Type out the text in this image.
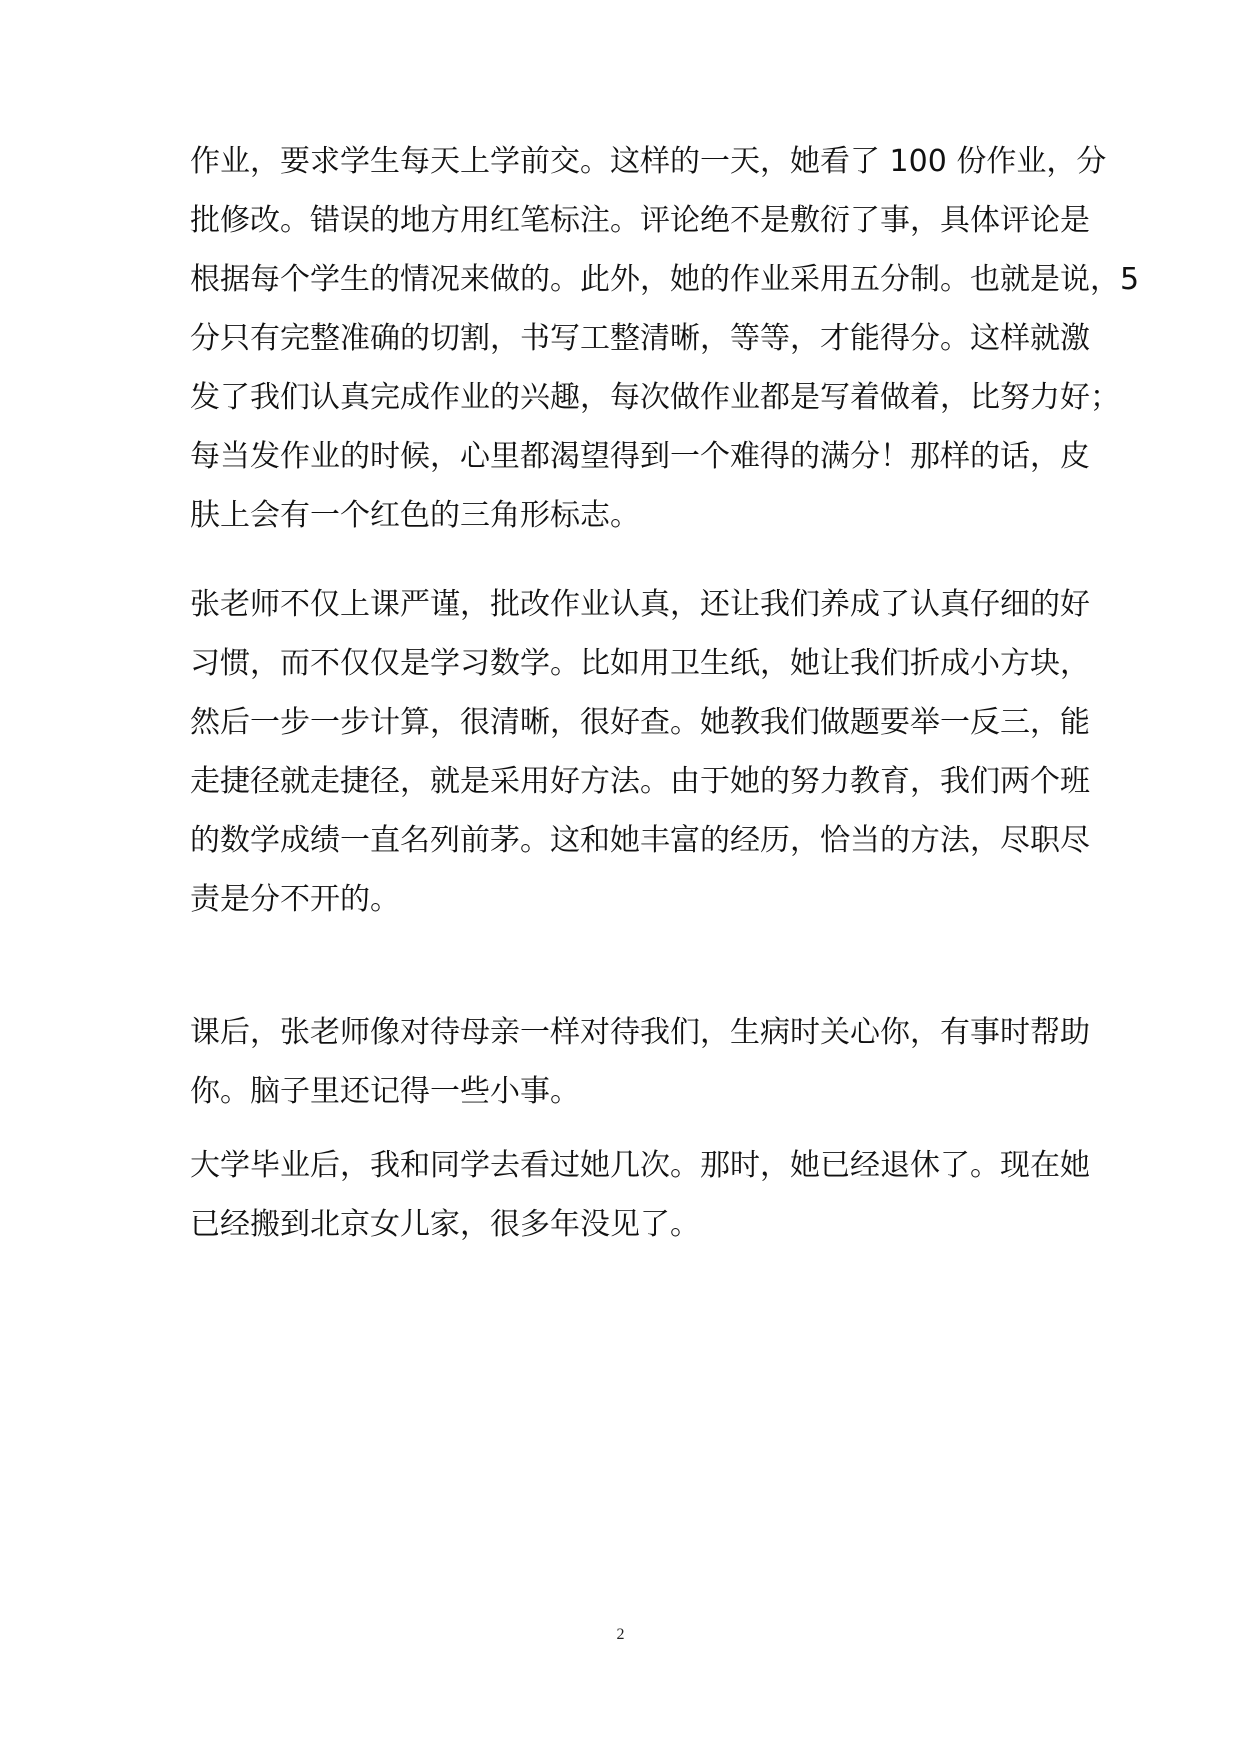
作业，要求学生每天上学前交。这样的一天，她看了 100 份作业，分
批修改。错误的地方用红笔标注。评论绝不是敷衍了事，具体评论是
根据每个学生的情况来做的。此外，她的作业采用五分制。也就是说，5
分只有完整准确的切割，书写工整清晰，等等，才能得分。这样就激
发了我们认真完成作业的兴趣，每次做作业都是写着做着，比努力好；
每当发作业的时候，心里都渴望得到一个难得的满分！那样的话，皮
肤上会有一个红色的三角形标志。
张老师不仅上课严谨，批改作业认真，还让我们养成了认真仔细的好
习惯，而不仅仅是学习数学。比如用卫生纸，她让我们折成小方块，
然后一步一步计算，很清晰，很好查。她教我们做题要举一反三，能
走捷径就走捷径，就是采用好方法。由于她的努力教育，我们两个班
的数学成绩一直名列前茅。这和她丰富的经历，恰当的方法，尽职尽
责是分不开的。
课后，张老师像对待母亲一样对待我们，生病时关心你，有事时帮助
你。脑子里还记得一些小事。
大学毕业后，我和同学去看过她几次。那时，她已经退休了。现在她
已经搬到北京女儿家，很多年没见了。
2
